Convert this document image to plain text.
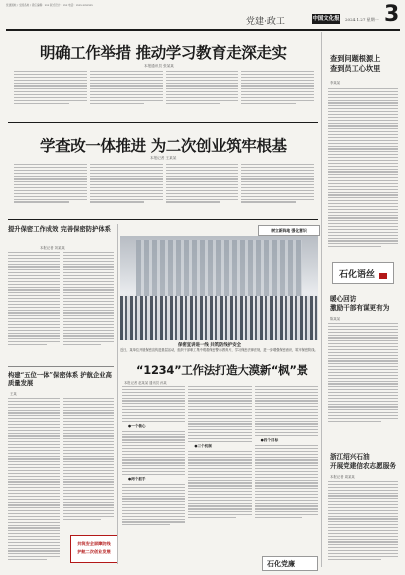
党建园地 / 全国各地 / 责任编辑：xxx 版式设计：xxx 电话：xxxx-xxxxxxx
党建·政工	中国文化报 2024.1.27 星期一 3
明确工作举措 推动学习教育走深走实
本报通讯员 张某某
学查改一体推进 为二次创业筑牢根基
本报记者 王某某
查到问题根源上
查到员工心坎里
李某某
石化语丝
暖心回访
激励干部有谋更有为
陈某某
浙江绍兴石油
开展党建信农志愿服务
本报记者 周某某
提升保密工作成效 完善保密防护体系
本报记者 刘某某
构建“五位一体”保密体系 护航企业高质量发展
王某
共筑安全屏障防线
护航二次创业发展
树立新阵地 强化意识
保密宣讲进一线 共筑防线护安全
近日，某单位开展保密宣传进基层活动，组织干部职工集中观看保密警示教育片，学习保密法律法规，进一步增强保密意识，筑牢保密防线。
“1234”工作法打造大漠新“枫”景
本报记者 赵某某 通讯员 孙某
●一个核心
●两个抓手
●三个机制
●四个目标
石化党廉
